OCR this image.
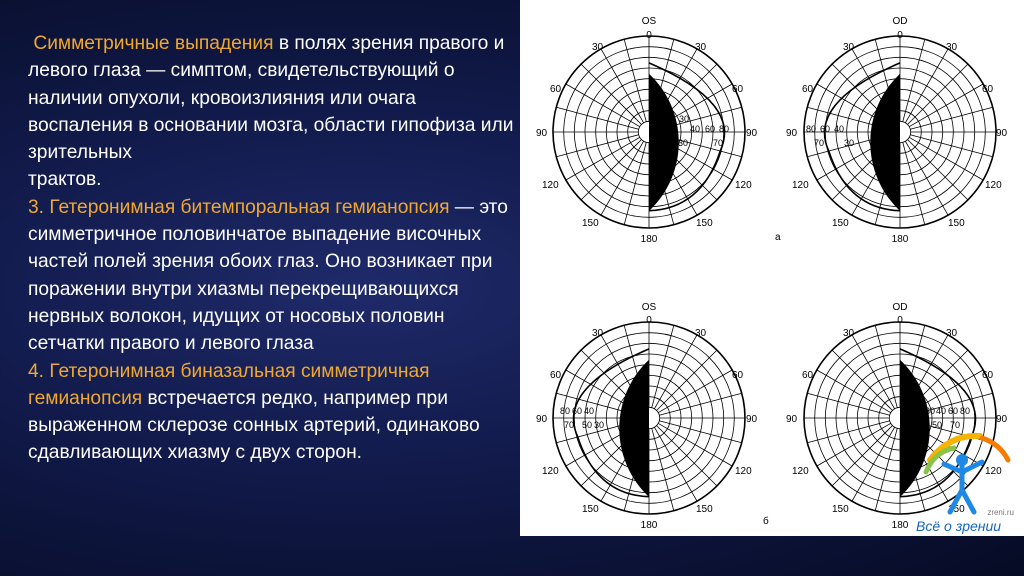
Симметричные выпадения в полях зрения правого и левого глаза — симптом, свидетельствующий о наличии опухоли, кровоизлияния или очага воспаления в основании мозга, области гипофиза или зрительных
трактов.

3. Гетеронимная битемпоральная гемианопсия — это симметричное половинчатое выпадение височных частей полей зрения обоих глаз. Оно возникает при поражении внутри хиазмы перекрещивающихся нервных волокон, идущих от носовых половин сетчатки правого и левого глаза

4. Гетеронимная биназальная симметричная
гемианопсия встречается редко, например при выраженном склерозе сонных артерий, одинаково
сдавливающих хиазму с двух сторон.

OS
0
30	30
60	60
90	90
120	120
150	150
180
30
30
40 60 80
70
OD
0
30	30
60	60
90	90
120	120
150	150
180
80 60 40
70 30
а
OS
0
30	30
60	60
90	90
120	120
150	150
180
80 60 40
70 50 30
OD
0
30	30
60	60
90	90
120	120
150	150
180
30 40 60 80
50 70
б
zreni.ru
Всё о зрении
